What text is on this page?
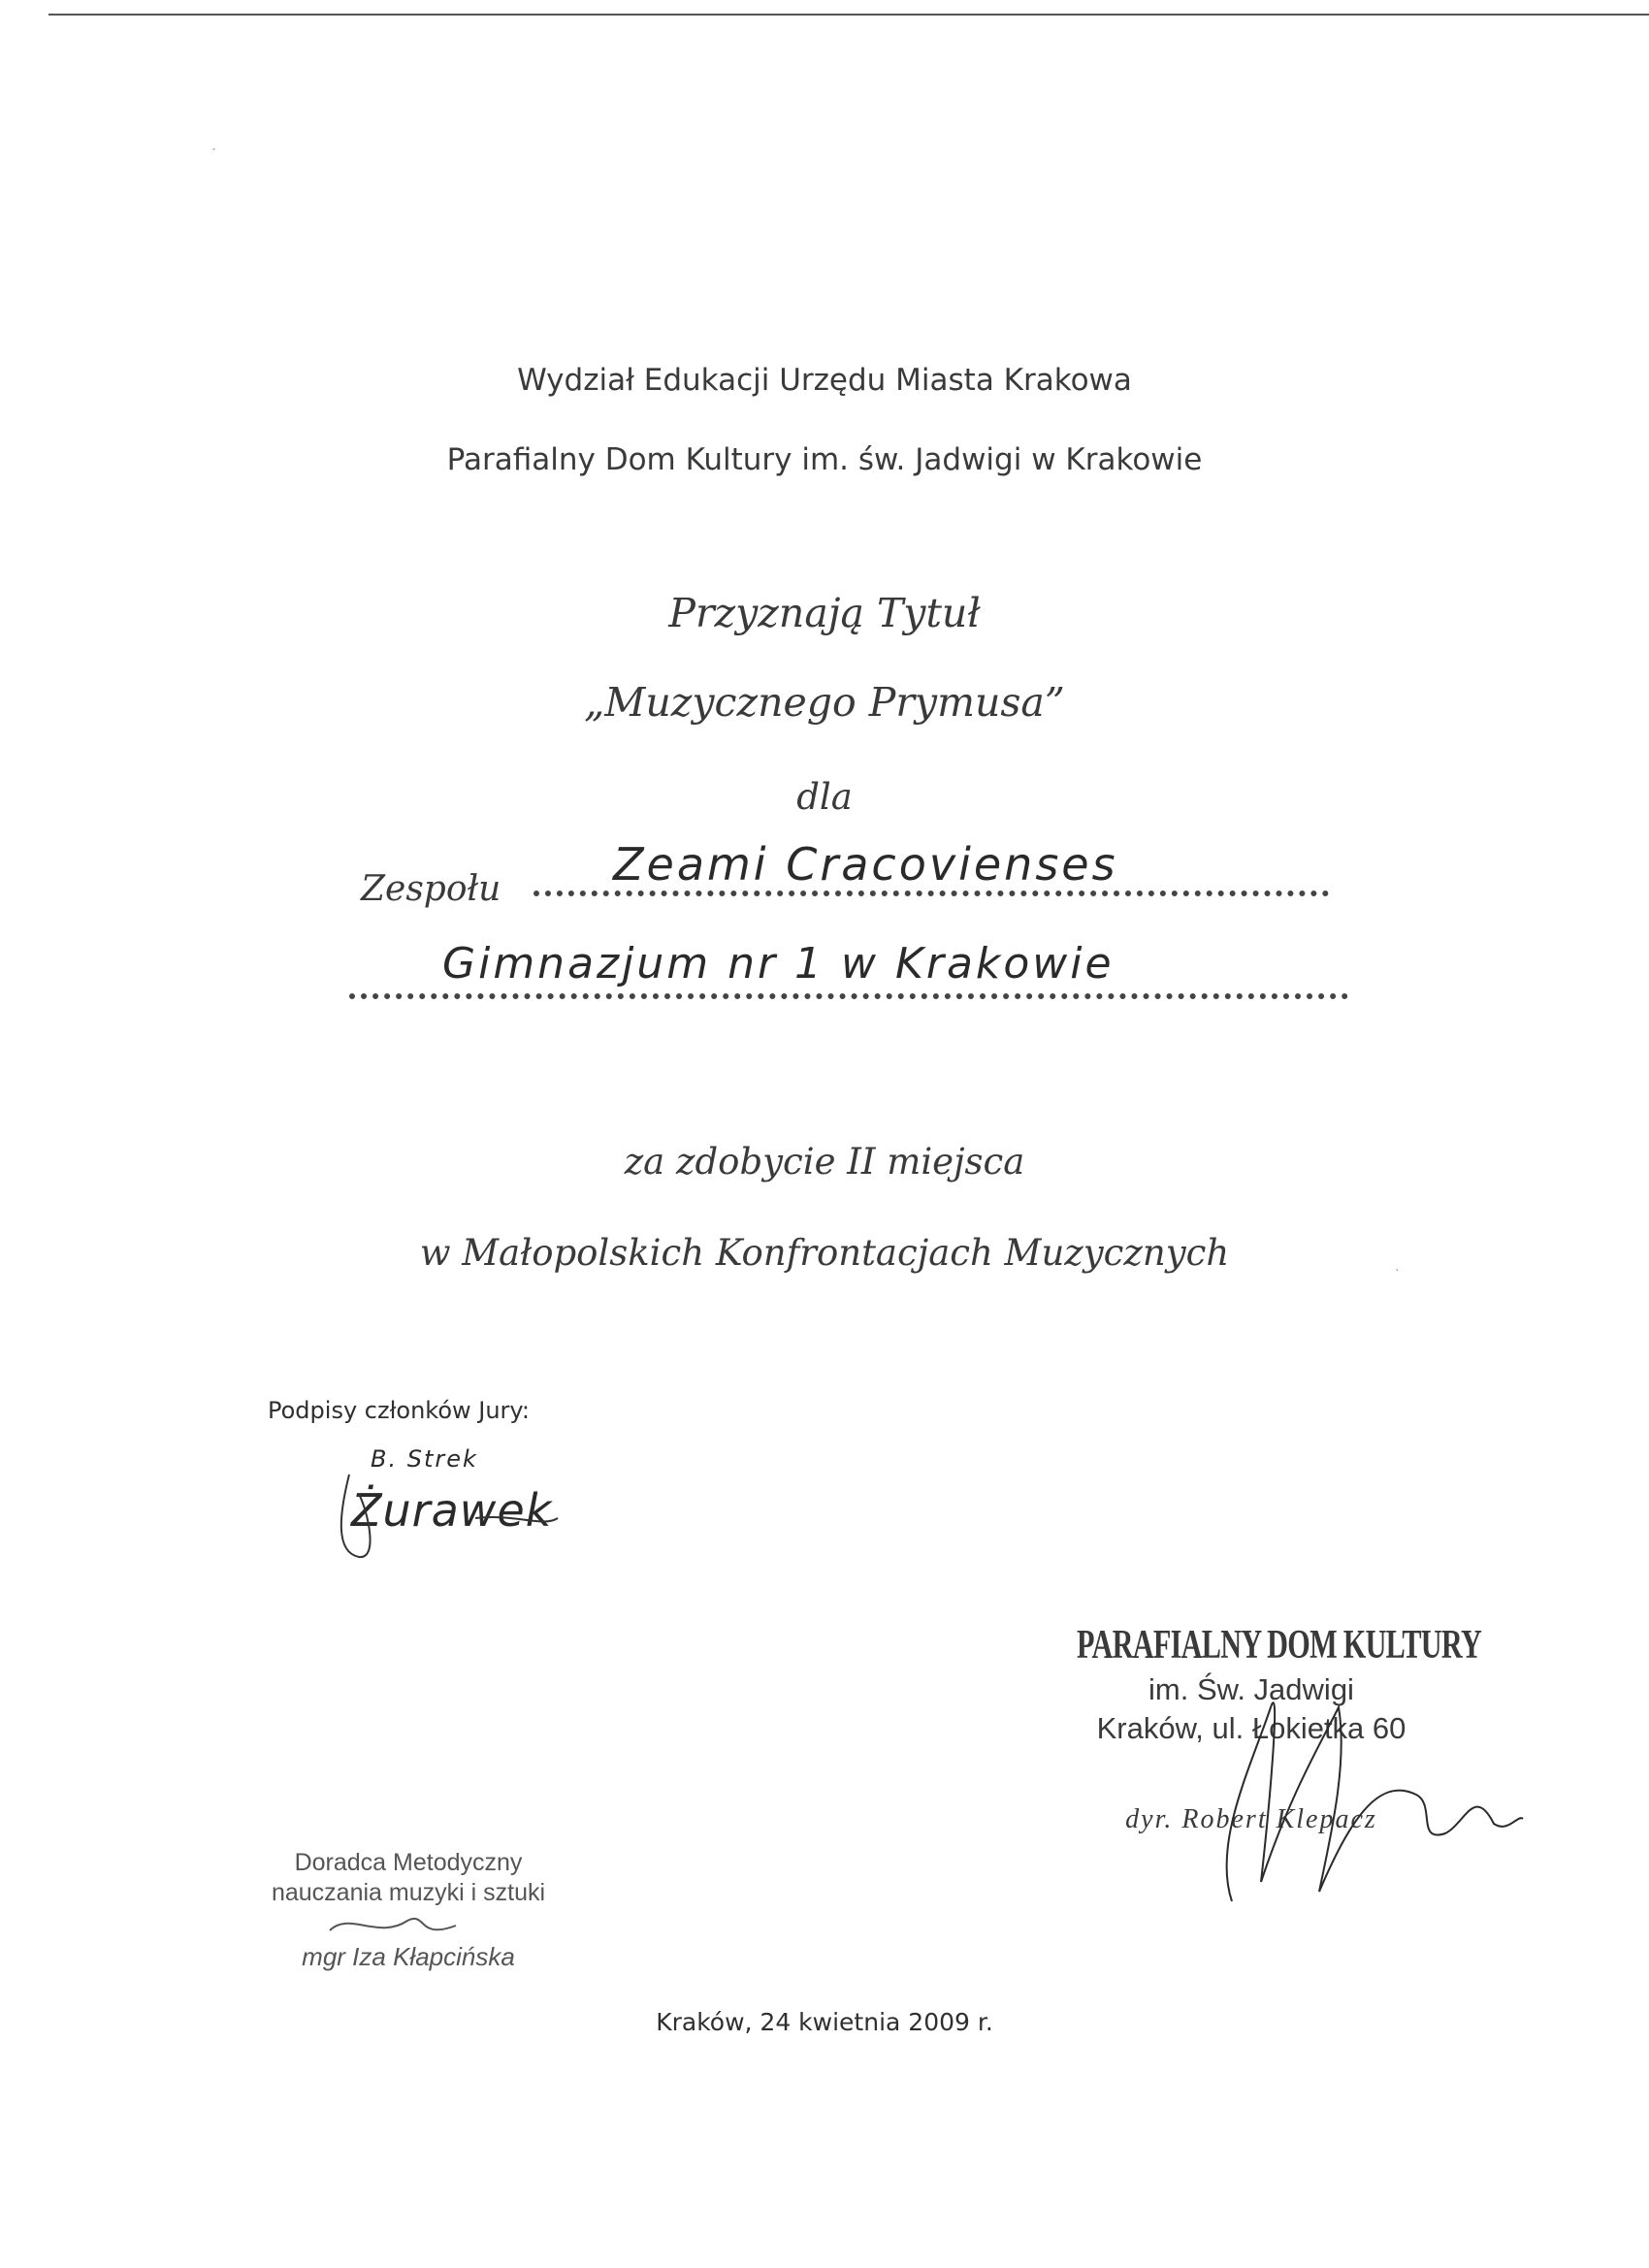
ˊ
·
Wydział Edukacji Urzędu Miasta Krakowa
Parafialny Dom Kultury im. św. Jadwigi w Krakowie
Przyznają Tytuł
„Muzycznego Prymusa”
dla
Zespołu	Zeami Cracovienses
Gimnazjum nr 1 w Krakowie
za zdobycie II miejsca
w Małopolskich Konfrontacjach Muzycznych
Podpisy członków Jury:
B. Strek
Żurawek
PARAFIALNY DOM KULTURY
im. Św. Jadwigi
Kraków, ul. Łokietka 60
dyr. Robert Klepacz
Doradca Metodyczny
nauczania muzyki i sztuki
mgr Iza Kłapcińska
Kraków, 24 kwietnia 2009 r.
